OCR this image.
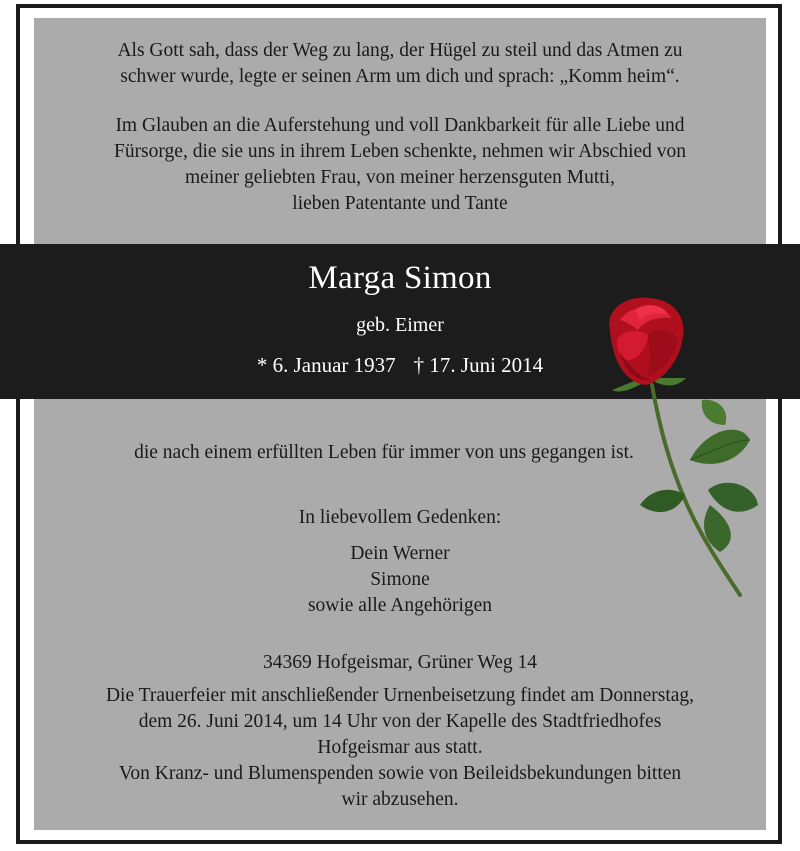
Als Gott sah, dass der Weg zu lang, der Hügel zu steil und das Atmen zu
schwer wurde, legte er seinen Arm um dich und sprach: „Komm heim“.

Im Glauben an die Auferstehung und voll Dankbarkeit für alle Liebe und
Fürsorge, die sie uns in ihrem Leben schenkte, nehmen wir Abschied von
meiner geliebten Frau, von meiner herzensguten Mutti,
lieben Patentante und Tante

Marga Simon
geb. Eimer
* 6. Januar 1937 † 17. Juni 2014

die nach einem erfüllten Leben für immer von uns gegangen ist.

In liebevollem Gedenken:
Dein Werner
Simone
sowie alle Angehörigen

34369 Hofgeismar, Grüner Weg 14

Die Trauerfeier mit anschließender Urnenbeisetzung findet am Donnerstag,
dem 26. Juni 2014, um 14 Uhr von der Kapelle des Stadtfriedhofes
Hofgeismar aus statt.
Von Kranz- und Blumenspenden sowie von Beileidsbekundungen bitten
wir abzusehen.
